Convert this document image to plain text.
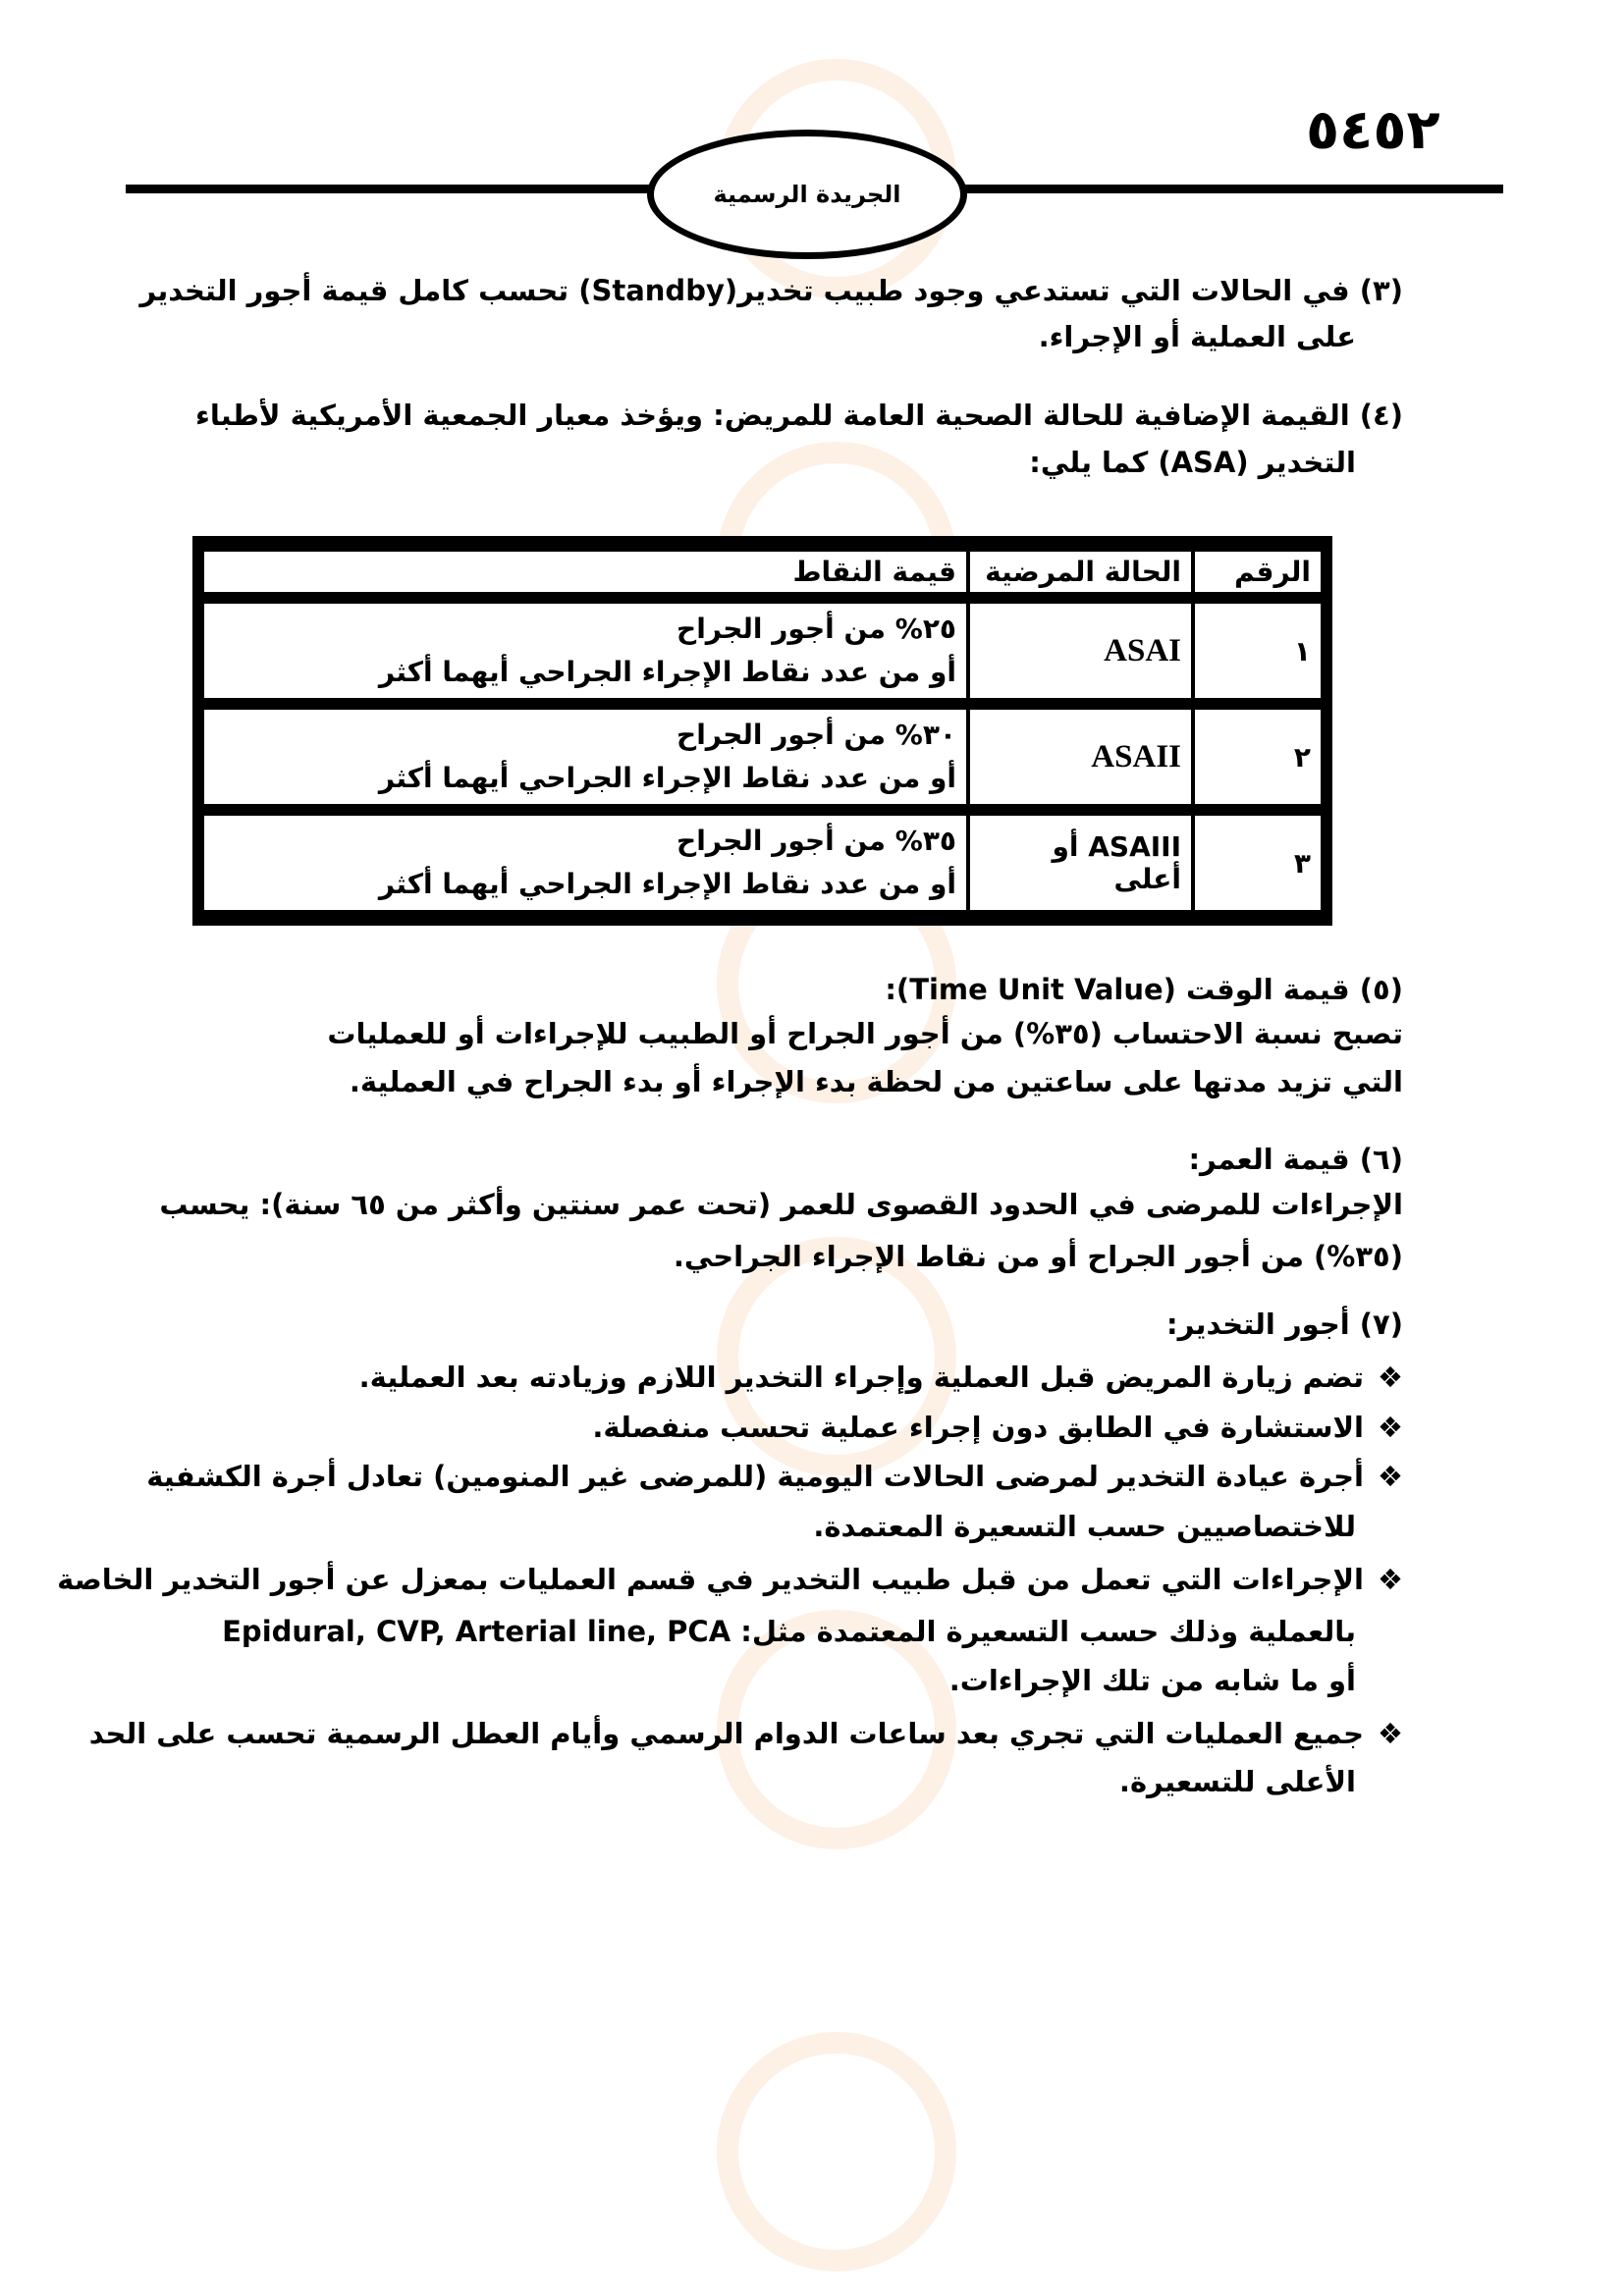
٥٤٥٢
الجريدة الرسمية
(٣) في الحالات التي تستدعي وجود طبيب تخدير(Standby) تحسب كامل قيمة أجور التخدير
على العملية أو الإجراء.
(٤) القيمة الإضافية للحالة الصحية العامة للمريض: ويؤخذ معيار الجمعية الأمريكية لأطباء
التخدير (ASA) كما يلي:
قيمة النقاط	الحالة المرضية	الرقم

٢٥% من أجور الجراح
أو من عدد نقاط الإجراء الجراحي أيهما أكثر	ASAI	١

٣٠% من أجور الجراح
أو من عدد نقاط الإجراء الجراحي أيهما أكثر	ASAII	٢

٣٥% من أجور الجراح
أو من عدد نقاط الإجراء الجراحي أيهما أكثر	ASAIII أو أعلى	٣
(٥) قيمة الوقت (Time Unit Value):
تصبح نسبة الاحتساب (٣٥%) من أجور الجراح أو الطبيب للإجراءات أو للعمليات
التي تزيد مدتها على ساعتين من لحظة بدء الإجراء أو بدء الجراح في العملية.
(٦) قيمة العمر:
الإجراءات للمرضى في الحدود القصوى للعمر (تحت عمر سنتين وأكثر من ٦٥ سنة): يحسب
(٣٥%) من أجور الجراح أو من نقاط الإجراء الجراحي.
(٧) أجور التخدير:
❖تضم زيارة المريض قبل العملية وإجراء التخدير اللازم وزيادته بعد العملية.
❖الاستشارة في الطابق دون إجراء عملية تحسب منفصلة.
❖أجرة عيادة التخدير لمرضى الحالات اليومية (للمرضى غير المنومين) تعادل أجرة الكشفية
للاختصاصيين حسب التسعيرة المعتمدة.
❖الإجراءات التي تعمل من قبل طبيب التخدير في قسم العمليات بمعزل عن أجور التخدير الخاصة
بالعملية وذلك حسب التسعيرة المعتمدة مثل: Epidural, CVP, Arterial line, PCA
أو ما شابه من تلك الإجراءات.
❖جميع العمليات التي تجري بعد ساعات الدوام الرسمي وأيام العطل الرسمية تحسب على الحد
الأعلى للتسعيرة.
